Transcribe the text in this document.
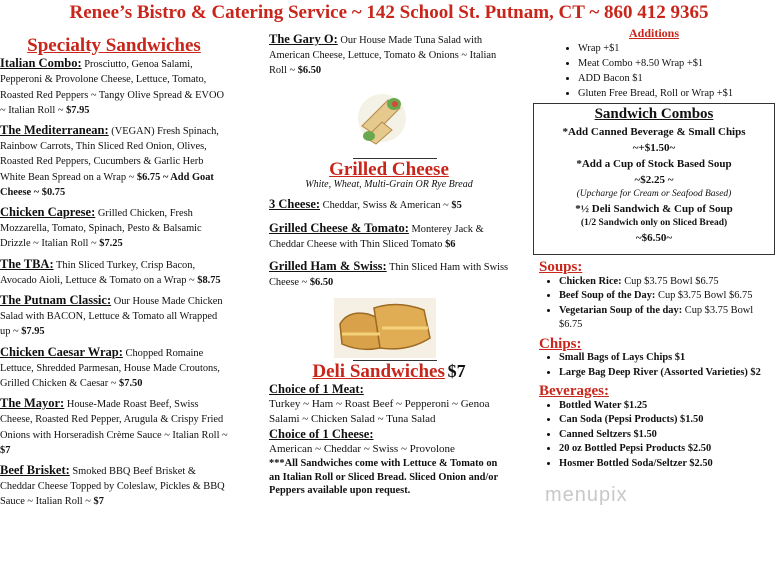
Renee’s Bistro & Catering Service ~ 142 School St. Putnam, CT ~ 860 412 9365
Specialty Sandwiches
Italian Combo: Prosciutto, Genoa Salami, Pepperoni & Provolone Cheese, Lettuce, Tomato, Roasted Red Peppers ~ Tangy Olive Spread & EVOO ~ Italian Roll ~ $7.95
The Mediterranean: (VEGAN) Fresh Spinach, Rainbow Carrots, Thin Sliced Red Onion, Olives, Roasted Red Peppers, Cucumbers & Garlic Herb White Bean Spread on a Wrap ~ $6.75 ~ Add Goat Cheese ~ $0.75
Chicken Caprese: Grilled Chicken, Fresh Mozzarella, Tomato, Spinach, Pesto & Balsamic Drizzle ~ Italian Roll ~ $7.25
The TBA: Thin Sliced Turkey, Crisp Bacon, Avocado Aioli, Lettuce & Tomato on a Wrap ~ $8.75
The Putnam Classic: Our House Made Chicken Salad with BACON, Lettuce & Tomato all Wrapped up ~ $7.95
Chicken Caesar Wrap: Chopped Romaine Lettuce, Shredded Parmesan, House Made Croutons, Grilled Chicken & Caesar ~ $7.50
The Mayor: House-Made Roast Beef, Swiss Cheese, Roasted Red Pepper, Arugula & Crispy Fried Onions with Horseradish Crème Sauce ~ Italian Roll ~ $7
Beef Brisket: Smoked BBQ Beef Brisket & Cheddar Cheese Topped by Coleslaw, Pickles & BBQ Sauce ~ Italian Roll ~ $7
The Gary O: Our House Made Tuna Salad with American Cheese, Lettuce, Tomato & Onions ~ Italian Roll ~ $6.50
Grilled Cheese
White, Wheat, Multi-Grain OR Rye Bread
3 Cheese: Cheddar, Swiss & American ~ $5
Grilled Cheese & Tomato: Monterey Jack & Cheddar Cheese with Thin Sliced Tomato $6
Grilled Ham & Swiss: Thin Sliced Ham with Swiss Cheese ~ $6.50
Deli Sandwiches $7
Choice of 1 Meat:
Turkey ~ Ham ~ Roast Beef ~ Pepperoni ~ Genoa Salami ~ Chicken Salad ~ Tuna Salad
Choice of 1 Cheese:
American ~ Cheddar ~ Swiss ~ Provolone
***All Sandwiches come with Lettuce & Tomato on an Italian Roll or Sliced Bread. Sliced Onion and/or Peppers available upon request.
Additions
• Wrap +$1
• Meat Combo +8.50 Wrap +$1
• ADD Bacon $1
• Gluten Free Bread, Roll or Wrap +$1
Sandwich Combos
*Add Canned Beverage & Small Chips
~+$1.50~
*Add a Cup of Stock Based Soup
~$2.25 ~
(Upcharge for Cream or Seafood Based)
*½ Deli Sandwich & Cup of Soup
(1/2 Sandwich only on Sliced Bread)
~$6.50~
Soups:
• Chicken Rice: Cup $3.75 Bowl $6.75
• Beef Soup of the Day: Cup $3.75 Bowl $6.75
• Vegetarian Soup of the day: Cup $3.75 Bowl $6.75
Chips:
• Small Bags of Lays Chips $1
• Large Bag Deep River (Assorted Varieties) $2
Beverages:
• Bottled Water $1.25
• Can Soda (Pepsi Products) $1.50
• Canned Seltzers $1.50
• 20 oz Bottled Pepsi Products $2.50
• Hosmer Bottled Soda/Seltzer $2.50
menupix
